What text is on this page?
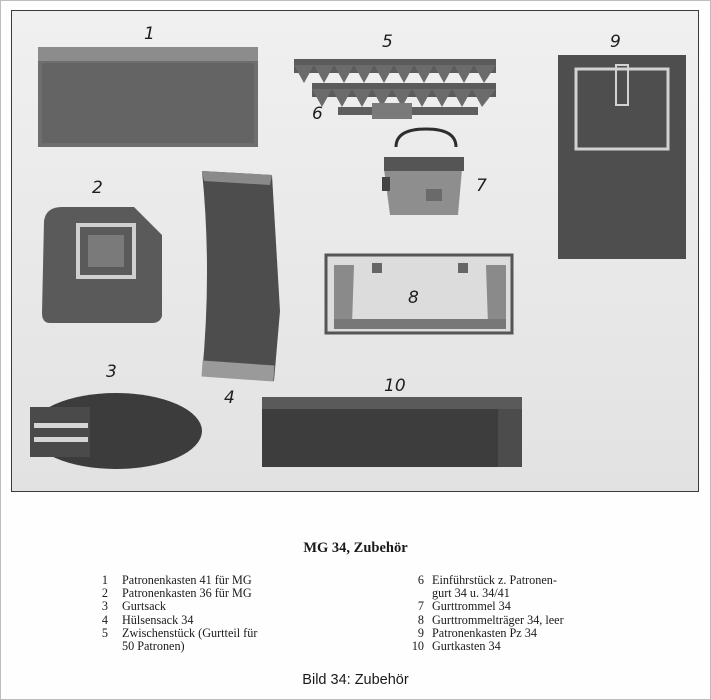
1
2
3
4
5
6
7
8
9
10
MG 34, Zubehör
1 Patronenkasten 41 für MG
2 Patronenkasten 36 für MG
3 Gurtsack
4 Hülsensack 34
5 Zwischenstück (Gurtteil für
50 Patronen)
6 Einführstück z. Patronen-
gurt 34 u. 34/41
7 Gurttrommel 34
8 Gurttrommelträger 34, leer
9 Patronenkasten Pz 34
10 Gurtkasten 34
Bild 34: Zubehör
